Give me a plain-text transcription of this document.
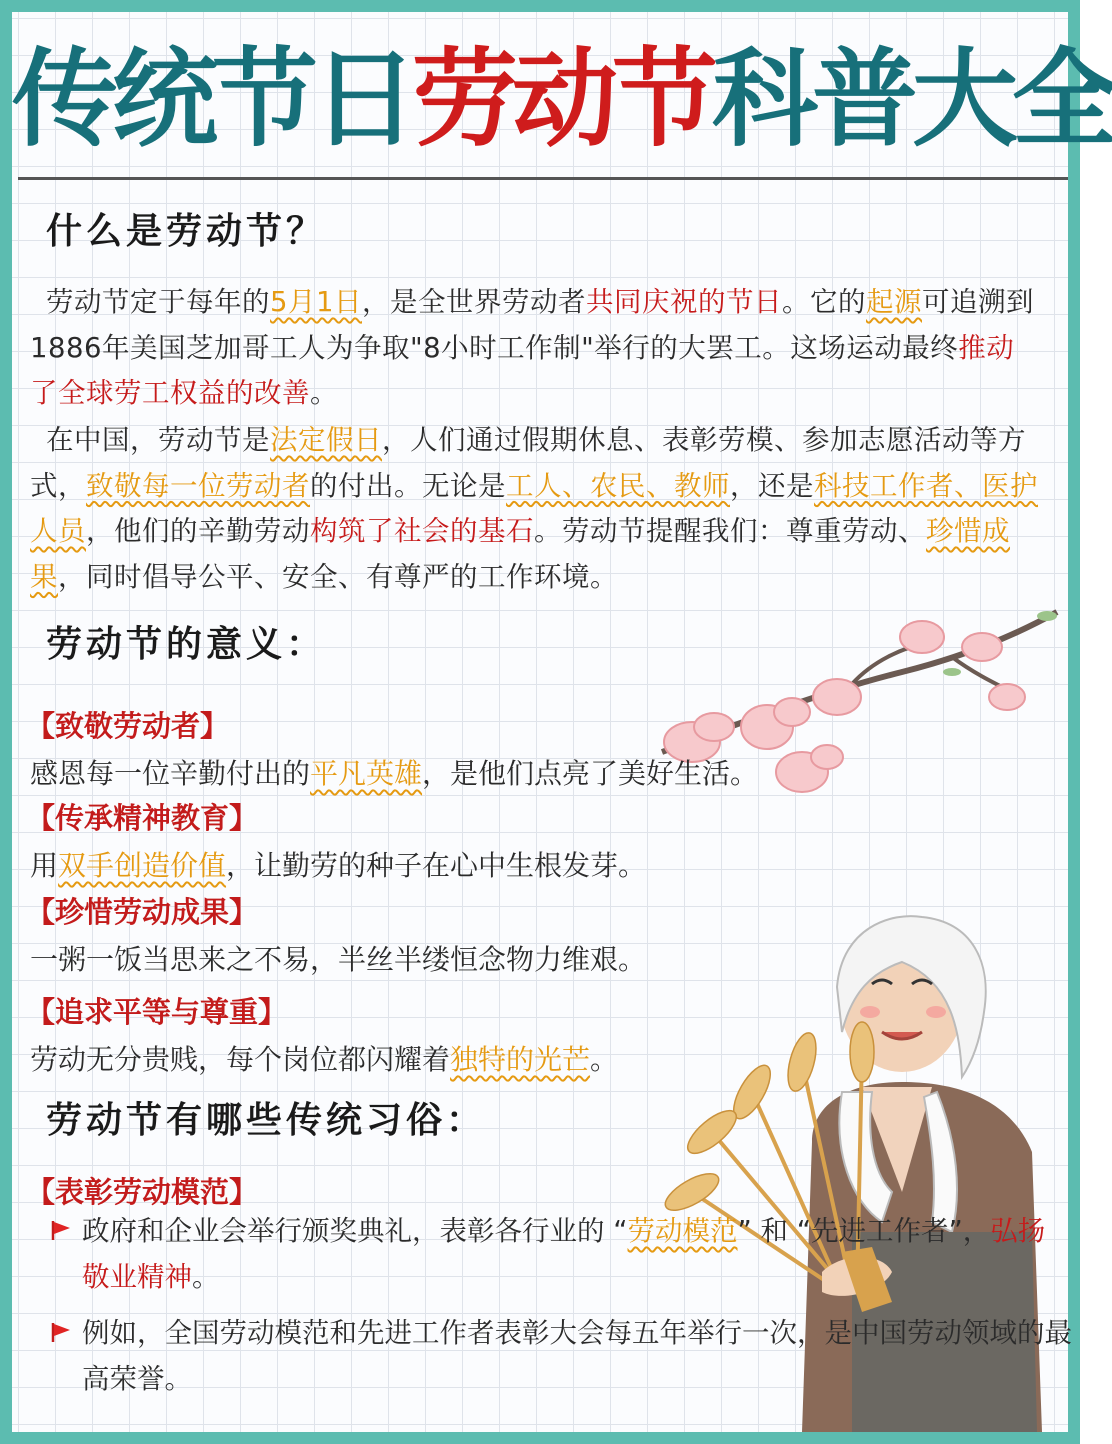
传统节日劳动节科普大全
什么是劳动节？
劳动节定于每年的5月1日，是全世界劳动者共同庆祝的节日。它的起源可追溯到1886年美国芝加哥工人为争取"8小时工作制"举行的大罢工。这场运动最终推动了全球劳工权益的改善。
在中国，劳动节是法定假日，人们通过假期休息、表彰劳模、参加志愿活动等方式，致敬每一位劳动者的付出。无论是工人、农民、教师，还是科技工作者、医护人员，他们的辛勤劳动构筑了社会的基石。劳动节提醒我们：尊重劳动、珍惜成果，同时倡导公平、安全、有尊严的工作环境。
劳动节的意义：
【致敬劳动者】
感恩每一位辛勤付出的平凡英雄，是他们点亮了美好生活。
【传承精神教育】
用双手创造价值，让勤劳的种子在心中生根发芽。
【珍惜劳动成果】
一粥一饭当思来之不易，半丝半缕恒念物力维艰。
【追求平等与尊重】
劳动无分贵贱，每个岗位都闪耀着独特的光芒。
劳动节有哪些传统习俗：
【表彰劳动模范】
政府和企业会举行颁奖典礼，表彰各行业的 “劳动模范” 和 “先进工作者”，弘扬敬业精神。
例如，全国劳动模范和先进工作者表彰大会每五年举行一次，是中国劳动领域的最高荣誉。
